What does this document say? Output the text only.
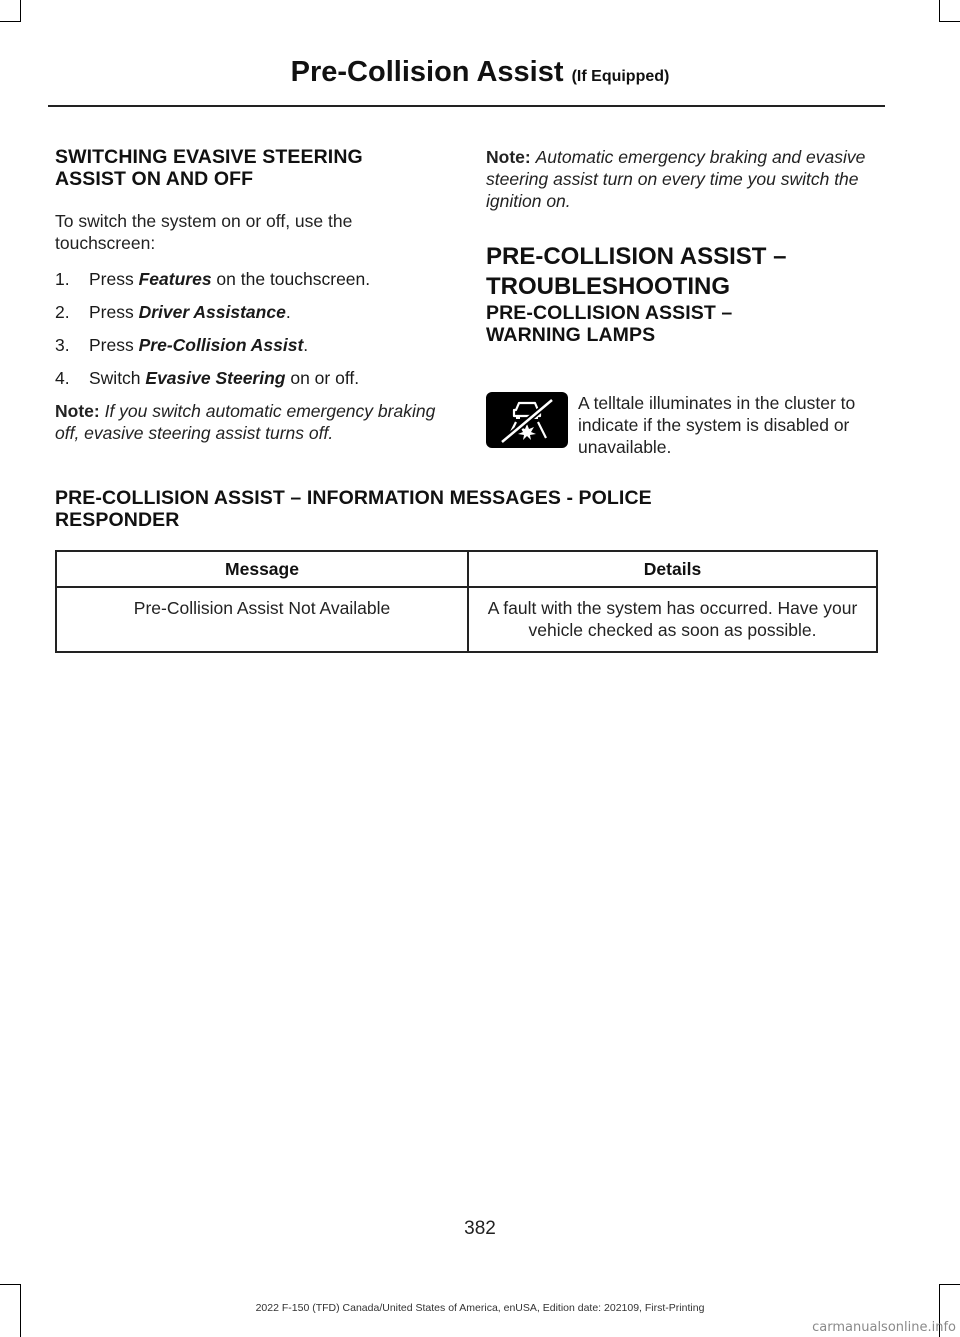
Pre-Collision Assist (If Equipped)
SWITCHING EVASIVE STEERING
ASSIST ON AND OFF

To switch the system on or off, use the touchscreen:

1.	Press Features on the touchscreen.
2.	Press Driver Assistance.
3.	Press Pre-Collision Assist.
4.	Switch Evasive Steering on or off.

Note: If you switch automatic emergency braking off, evasive steering assist turns off.

Note: Automatic emergency braking and evasive steering assist turn on every time you switch the ignition on.

PRE-COLLISION ASSIST –
TROUBLESHOOTING
PRE-COLLISION ASSIST –
WARNING LAMPS

A telltale illuminates in the cluster to indicate if the system is disabled or unavailable.

PRE-COLLISION ASSIST – INFORMATION MESSAGES - POLICE
RESPONDER
Message	Details
Pre-Collision Assist Not Available	A fault with the system has occurred. Have your vehicle checked as soon as possible.
382
2022 F-150 (TFD) Canada/United States of America, enUSA, Edition date: 202109, First-Printing
carmanualsonline.info
